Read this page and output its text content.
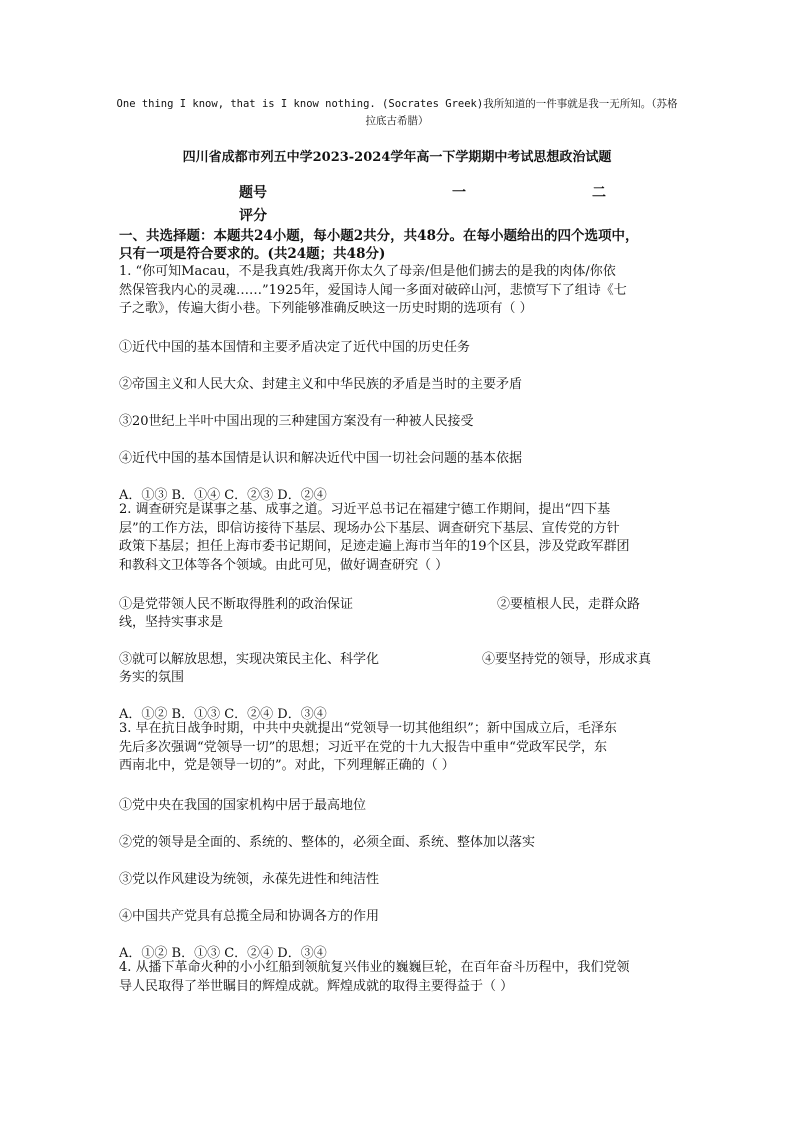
One thing I know, that is I know nothing. (Socrates Greek)我所知道的一件事就是我一无所知。（苏格
拉底古希腊）
四川省成都市列五中学2023-2024学年高一下学期期中考试思想政治试题
题号	一	二
评分
一、共选择题：本题共24小题，每小题2共分，共48分。在每小题给出的四个选项中，
只有一项是符合要求的。(共24题；共48分)
1. “你可知Macau，不是我真姓/我离开你太久了母亲/但是他们掳去的是我的肉体/你依
然保管我内心的灵魂……”1925年，爱国诗人闻一多面对破碎山河，悲愤写下了组诗《七
子之歌》，传遍大街小巷。下列能够准确反映这一历史时期的选项有（ ）
①近代中国的基本国情和主要矛盾决定了近代中国的历史任务
②帝国主义和人民大众、封建主义和中华民族的矛盾是当时的主要矛盾
③20世纪上半叶中国出现的三种建国方案没有一种被人民接受
④近代中国的基本国情是认识和解决近代中国一切社会问题的基本依据
A．①③ B．①④ C．②③ D．②④
2. 调查研究是谋事之基、成事之道。习近平总书记在福建宁德工作期间，提出“四下基
层”的工作方法，即信访接待下基层、现场办公下基层、调查研究下基层、宣传党的方针
政策下基层；担任上海市委书记期间，足迹走遍上海市当年的19个区县，涉及党政军群团
和教科文卫体等各个领域。由此可见，做好调查研究（ ）
①是党带领人民不断取得胜利的政治保证	②要植根人民，走群众路
线，坚持实事求是
③就可以解放思想，实现决策民主化、科学化	④要坚持党的领导，形成求真
务实的氛围
A．①② B．①③ C．②④ D．③④
3. 早在抗日战争时期，中共中央就提出“党领导一切其他组织”；新中国成立后，毛泽东
先后多次强调“党领导一切”的思想；习近平在党的十九大报告中重申“党政军民学，东
西南北中，党是领导一切的”。对此，下列理解正确的（ ）
①党中央在我国的国家机构中居于最高地位
②党的领导是全面的、系统的、整体的，必须全面、系统、整体加以落实
③党以作风建设为统领，永葆先进性和纯洁性
④中国共产党具有总揽全局和协调各方的作用
A．①② B．①③ C．②④ D．③④
4. 从播下革命火种的小小红船到领航复兴伟业的巍巍巨轮，在百年奋斗历程中，我们党领
导人民取得了举世瞩目的辉煌成就。辉煌成就的取得主要得益于（ ）
